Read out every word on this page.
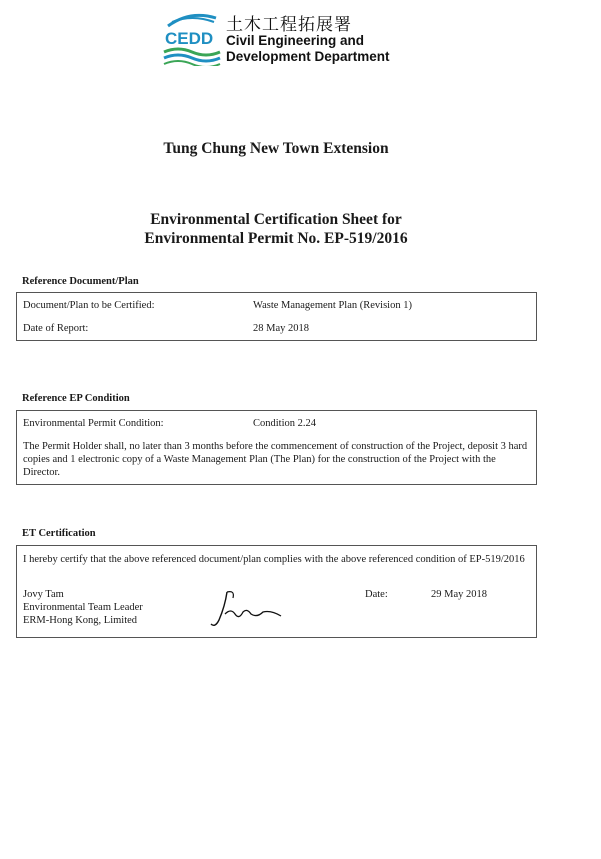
CEDD
土木工程拓展署
Civil Engineering and
Development Department
Tung Chung New Town Extension
Environmental Certification Sheet for
Environmental Permit No. EP-519/2016
Reference Document/Plan
Document/Plan to be Certified:	Waste Management Plan (Revision 1)
Date of Report:	28 May 2018
Reference EP Condition
Environmental Permit Condition:	Condition 2.24
The Permit Holder shall, no later than 3 months before the commencement of construction of the Project, deposit 3 hard copies and 1 electronic copy of a Waste Management Plan (The Plan) for the construction of the Project with the Director.
ET Certification
I hereby certify that the above referenced document/plan complies with the above referenced condition of EP-519/2016
Jovy Tam
Environmental Team Leader
ERM-Hong Kong, Limited
Date:	29 May 2018
